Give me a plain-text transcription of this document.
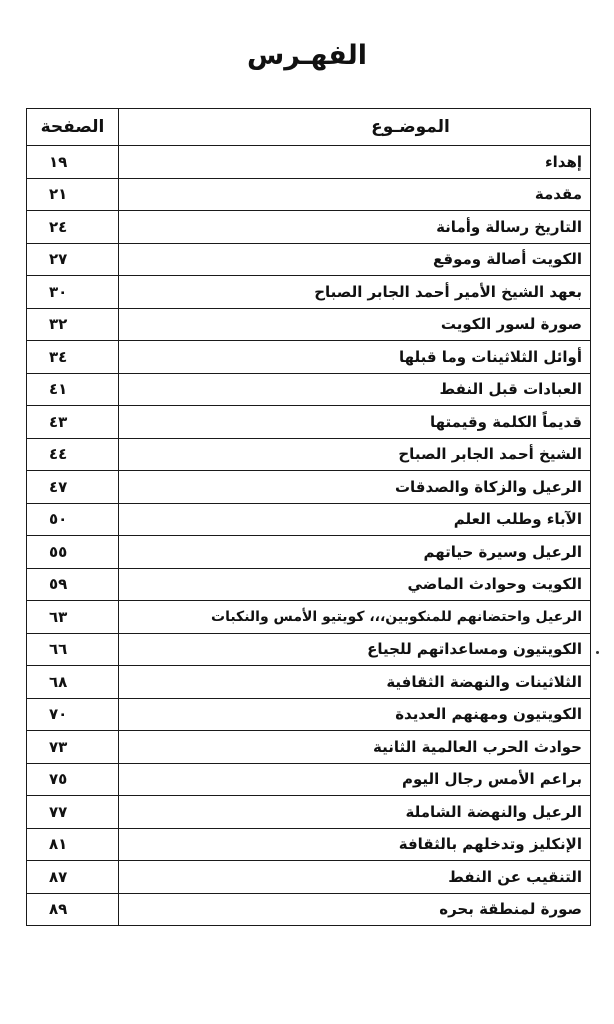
الفهـرس
الموضـوع	الصفحة
إهداء	١٩
مقدمة	٢١
التاريخ رسالة وأمانة	٢٤
الكويت أصالة وموقع	٢٧
بعهد الشيخ الأمير أحمد الجابر الصباح	٣٠
صورة لسور الكويت	٣٢
أوائل الثلاثينات وما قبلها	٣٤
العبادات قبل النفط	٤١
قديماً الكلمة وقيمتها	٤٣
الشيخ أحمد الجابر الصباح	٤٤
الرعيل والزكاة والصدقات	٤٧
الآباء وطلب العلم	٥٠
الرعيل وسيرة حياتهم	٥٥
الكويت وحوادث الماضي	٥٩
الرعيل واحتضانهم للمنكوبين،،، كويتيو الأمس والنكبات	٦٣
الكويتيون ومساعداتهم للجياع	٦٦
الثلاثينات والنهضة الثقافية	٦٨
الكويتيون ومهنهم العديدة	٧٠
حوادث الحرب العالمية الثانية	٧٣
براعم الأمس رجال اليوم	٧٥
الرعيل والنهضة الشاملة	٧٧
الإنكليز وتدخلهم بالثقافة	٨١
التنقيب عن النفط	٨٧
صورة لمنطقة بحره	٨٩
